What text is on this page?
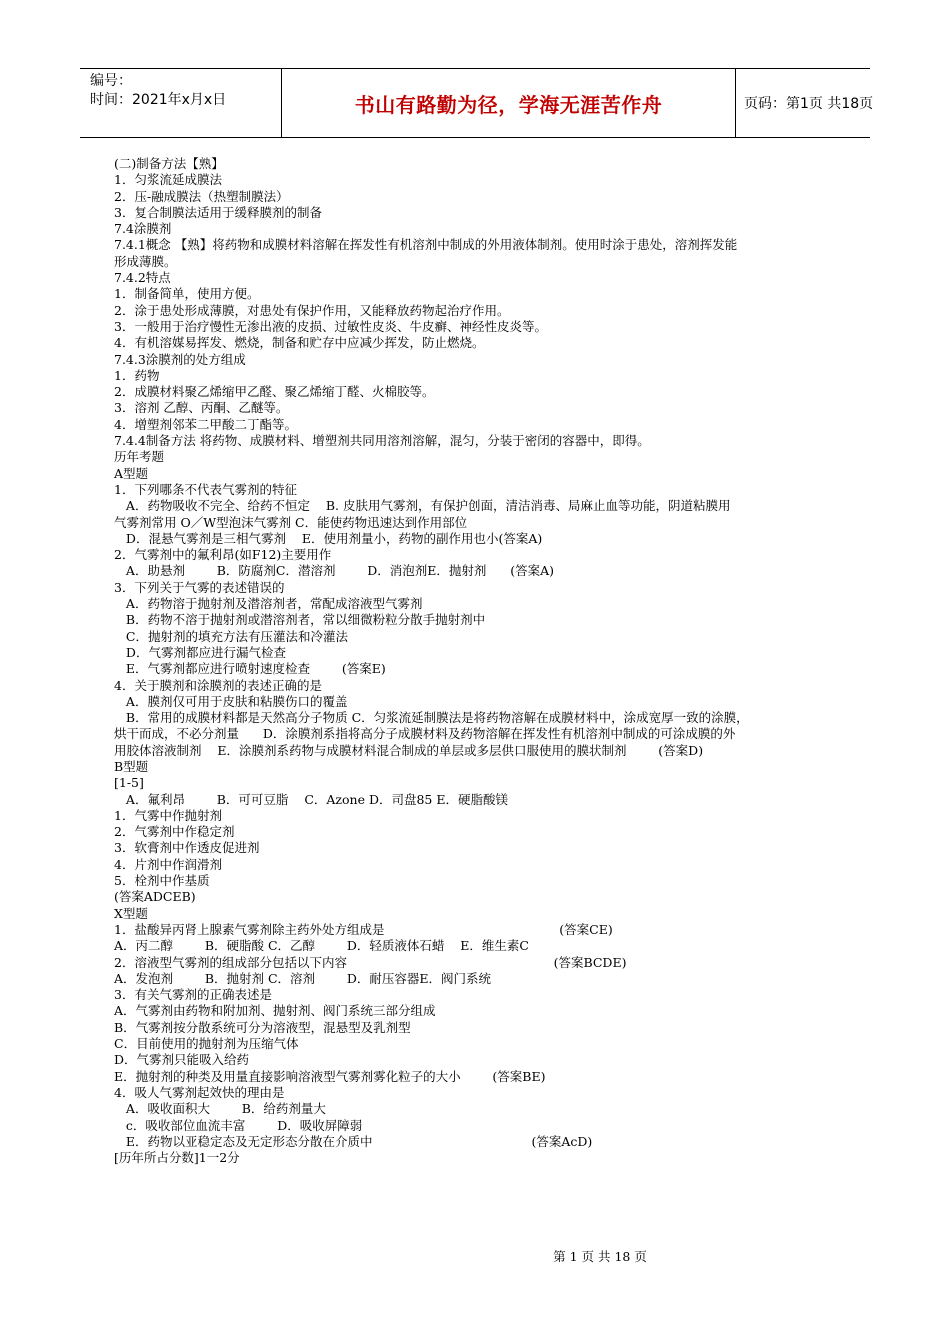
编号：
时间：2021年x月x日	书山有路勤为径，学海无涯苦作舟	页码：第1页 共18页
(二)制备方法【熟】
1．匀浆流延成膜法
2．压-融成膜法（热塑制膜法）
3．复合制膜法适用于缓释膜剂的制备
7.4涂膜剂
7.4.1概念 【熟】将药物和成膜材料溶解在挥发性有机溶剂中制成的外用液体制剂。使用时涂于患处，溶剂挥发能
形成薄膜。
7.4.2特点
1．制备简单，使用方便。
2．涂于患处形成薄膜，对患处有保护作用，又能释放药物起治疗作用。
3．一般用于治疗慢性无渗出液的皮损、过敏性皮炎、牛皮癣、神经性皮炎等。
4．有机溶媒易挥发、燃烧，制备和贮存中应减少挥发，防止燃烧。
7.4.3涂膜剂的处方组成
1．药物
2．成膜材料聚乙烯缩甲乙醛、聚乙烯缩丁醛、火棉胶等。
3．溶剂 乙醇、丙酮、乙醚等。
4．增塑剂邻苯二甲酸二丁酯等。
7.4.4制备方法 将药物、成膜材料、增塑剂共同用溶剂溶解，混匀，分装于密闭的容器中，即得。
历年考题
A型题
1．下列哪条不代表气雾剂的特征
A．药物吸收不完全、给药不恒定    B. 皮肤用气雾剂，有保护创面，清洁消毒、局麻止血等功能，阴道粘膜用
气雾剂常用 O／W型泡沫气雾剂 C．能使药物迅速达到作用部位
D．混悬气雾剂是三相气雾剂    E．使用剂量小，药物的副作用也小(答案A)
2．气雾剂中的氟利昂(如F12)主要用作
A．助悬剂        B．防腐剂C．潜溶剂        D．消泡剂E．抛射剂      (答案A)
3．下列关于气雾的表述错误的
A．药物溶于抛射剂及潜溶剂者，常配成溶液型气雾剂
B．药物不溶于抛射剂或潜溶剂者，常以细微粉粒分散手抛射剂中
C．抛射剂的填充方法有压灌法和冷灌法
D．气雾剂都应进行漏气检查
E．气雾剂都应进行喷射速度检查        (答案E)
4．关于膜剂和涂膜剂的表述正确的是
A．膜剂仅可用于皮肤和粘膜伤口的覆盖
B．常用的成膜材料都是天然高分子物质 C．匀浆流延制膜法是将药物溶解在成膜材料中，涂成宽厚一致的涂膜，
烘干而成，不必分剂量      D．涂膜剂系指将高分子成膜材料及药物溶解在挥发性有机溶剂中制成的可涂成膜的外
用胶体溶液制剂    E．涂膜剂系药物与成膜材料混合制成的单层或多层供口服使用的膜状制剂        (答案D)
B型题
[1-5]
A．氟利昂        B．可可豆脂    C．Azone D．司盘85 E．硬脂酸镁
1．气雾中作抛射剂
2．气雾剂中作稳定剂
3．软膏剂中作透皮促进剂
4．片剂中作润滑剂
5．栓剂中作基质
(答案ADCEB)
X型题
1．盐酸异丙肾上腺素气雾剂除主药外处方组成是                                            (答案CE)
A．丙二醇        B．硬脂酸 C．乙醇        D．轻质液体石蜡    E．维生素C
2．溶液型气雾剂的组成部分包括以下内容                                                    (答案BCDE)
A．发泡剂        B．抛射剂 C．溶剂        D．耐压容器E．阀门系统
3．有关气雾剂的正确表述是
A．气雾剂由药物和附加剂、抛射剂、阀门系统三部分组成
B．气雾剂按分散系统可分为溶液型，混悬型及乳剂型
C．目前使用的抛射剂为压缩气体
D．气雾剂只能吸入给药
E．抛射剂的种类及用量直接影响溶液型气雾剂雾化粒子的大小        (答案BE)
4．吸人气雾剂起效快的理由是
A．吸收面积大        B．给药剂量大
c．吸收部位血流丰富        D．吸收屏障弱
E．药物以亚稳定态及无定形态分散在介质中                                        (答案AcD)
[历年所占分数]1一2分
第 1 页 共 18 页
